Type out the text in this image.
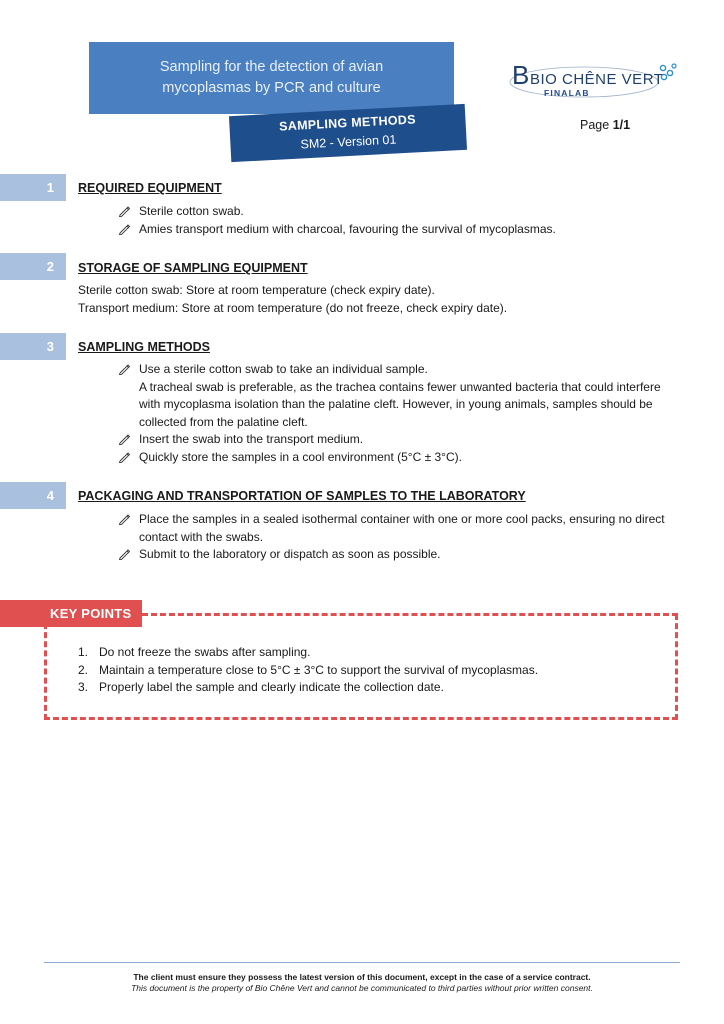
Sampling for the detection of avian
mycoplasmas by PCR and culture
SAMPLING METHODS
SM2 - Version 01
B BIO CHÊNE VERT
FINALAB
Page 1/1
1	REQUIRED EQUIPMENT
Sterile cotton swab.
Amies transport medium with charcoal, favouring the survival of mycoplasmas.
2	STORAGE OF SAMPLING EQUIPMENT
Sterile cotton swab: Store at room temperature (check expiry date).
Transport medium: Store at room temperature (do not freeze, check expiry date).
3	SAMPLING METHODS
Use a sterile cotton swab to take an individual sample.
A tracheal swab is preferable, as the trachea contains fewer unwanted bacteria that could interfere
with mycoplasma isolation than the palatine cleft. However, in young animals, samples should be
collected from the palatine cleft.
Insert the swab into the transport medium.
Quickly store the samples in a cool environment (5°C ± 3°C).
4	PACKAGING AND TRANSPORTATION OF SAMPLES TO THE LABORATORY
Place the samples in a sealed isothermal container with one or more cool packs, ensuring no direct
contact with the swabs.
Submit to the laboratory or dispatch as soon as possible.
KEY POINTS
1. Do not freeze the swabs after sampling.
2. Maintain a temperature close to 5°C ± 3°C to support the survival of mycoplasmas.
3. Properly label the sample and clearly indicate the collection date.
The client must ensure they possess the latest version of this document, except in the case of a service contract.
This document is the property of Bio Chêne Vert and cannot be communicated to third parties without prior written consent.
